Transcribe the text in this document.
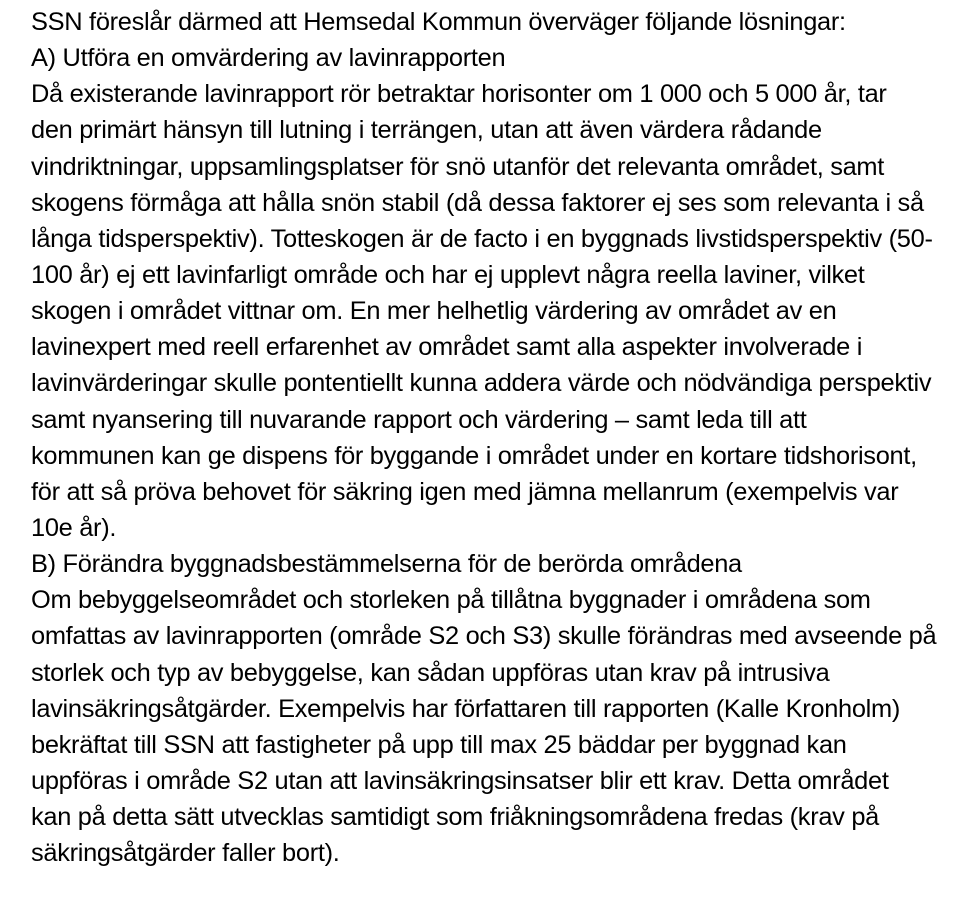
SSN föreslår därmed att Hemsedal Kommun överväger följande lösningar:
A) Utföra en omvärdering av lavinrapporten
Då existerande lavinrapport rör betraktar horisonter om 1 000 och 5 000 år, tar
den primärt hänsyn till lutning i terrängen, utan att även värdera rådande
vindriktningar, uppsamlingsplatser för snö utanför det relevanta området, samt
skogens förmåga att hålla snön stabil (då dessa faktorer ej ses som relevanta i så
långa tidsperspektiv). Totteskogen är de facto i en byggnads livstidsperspektiv (50-
100 år) ej ett lavinfarligt område och har ej upplevt några reella laviner, vilket
skogen i området vittnar om. En mer helhetlig värdering av området av en
lavinexpert med reell erfarenhet av området samt alla aspekter involverade i
lavinvärderingar skulle pontentiellt kunna addera värde och nödvändiga perspektiv
samt nyansering till nuvarande rapport och värdering – samt leda till att
kommunen kan ge dispens för byggande i området under en kortare tidshorisont,
för att så pröva behovet för säkring igen med jämna mellanrum (exempelvis var
10e år).
B) Förändra byggnadsbestämmelserna för de berörda områdena
Om bebyggelseområdet och storleken på tillåtna byggnader i områdena som
omfattas av lavinrapporten (område S2 och S3) skulle förändras med avseende på
storlek och typ av bebyggelse, kan sådan uppföras utan krav på intrusiva
lavinsäkringsåtgärder. Exempelvis har författaren till rapporten (Kalle Kronholm)
bekräftat till SSN att fastigheter på upp till max 25 bäddar per byggnad kan
uppföras i område S2 utan att lavinsäkringsinsatser blir ett krav. Detta området
kan på detta sätt utvecklas samtidigt som friåkningsområdena fredas (krav på
säkringsåtgärder faller bort).
